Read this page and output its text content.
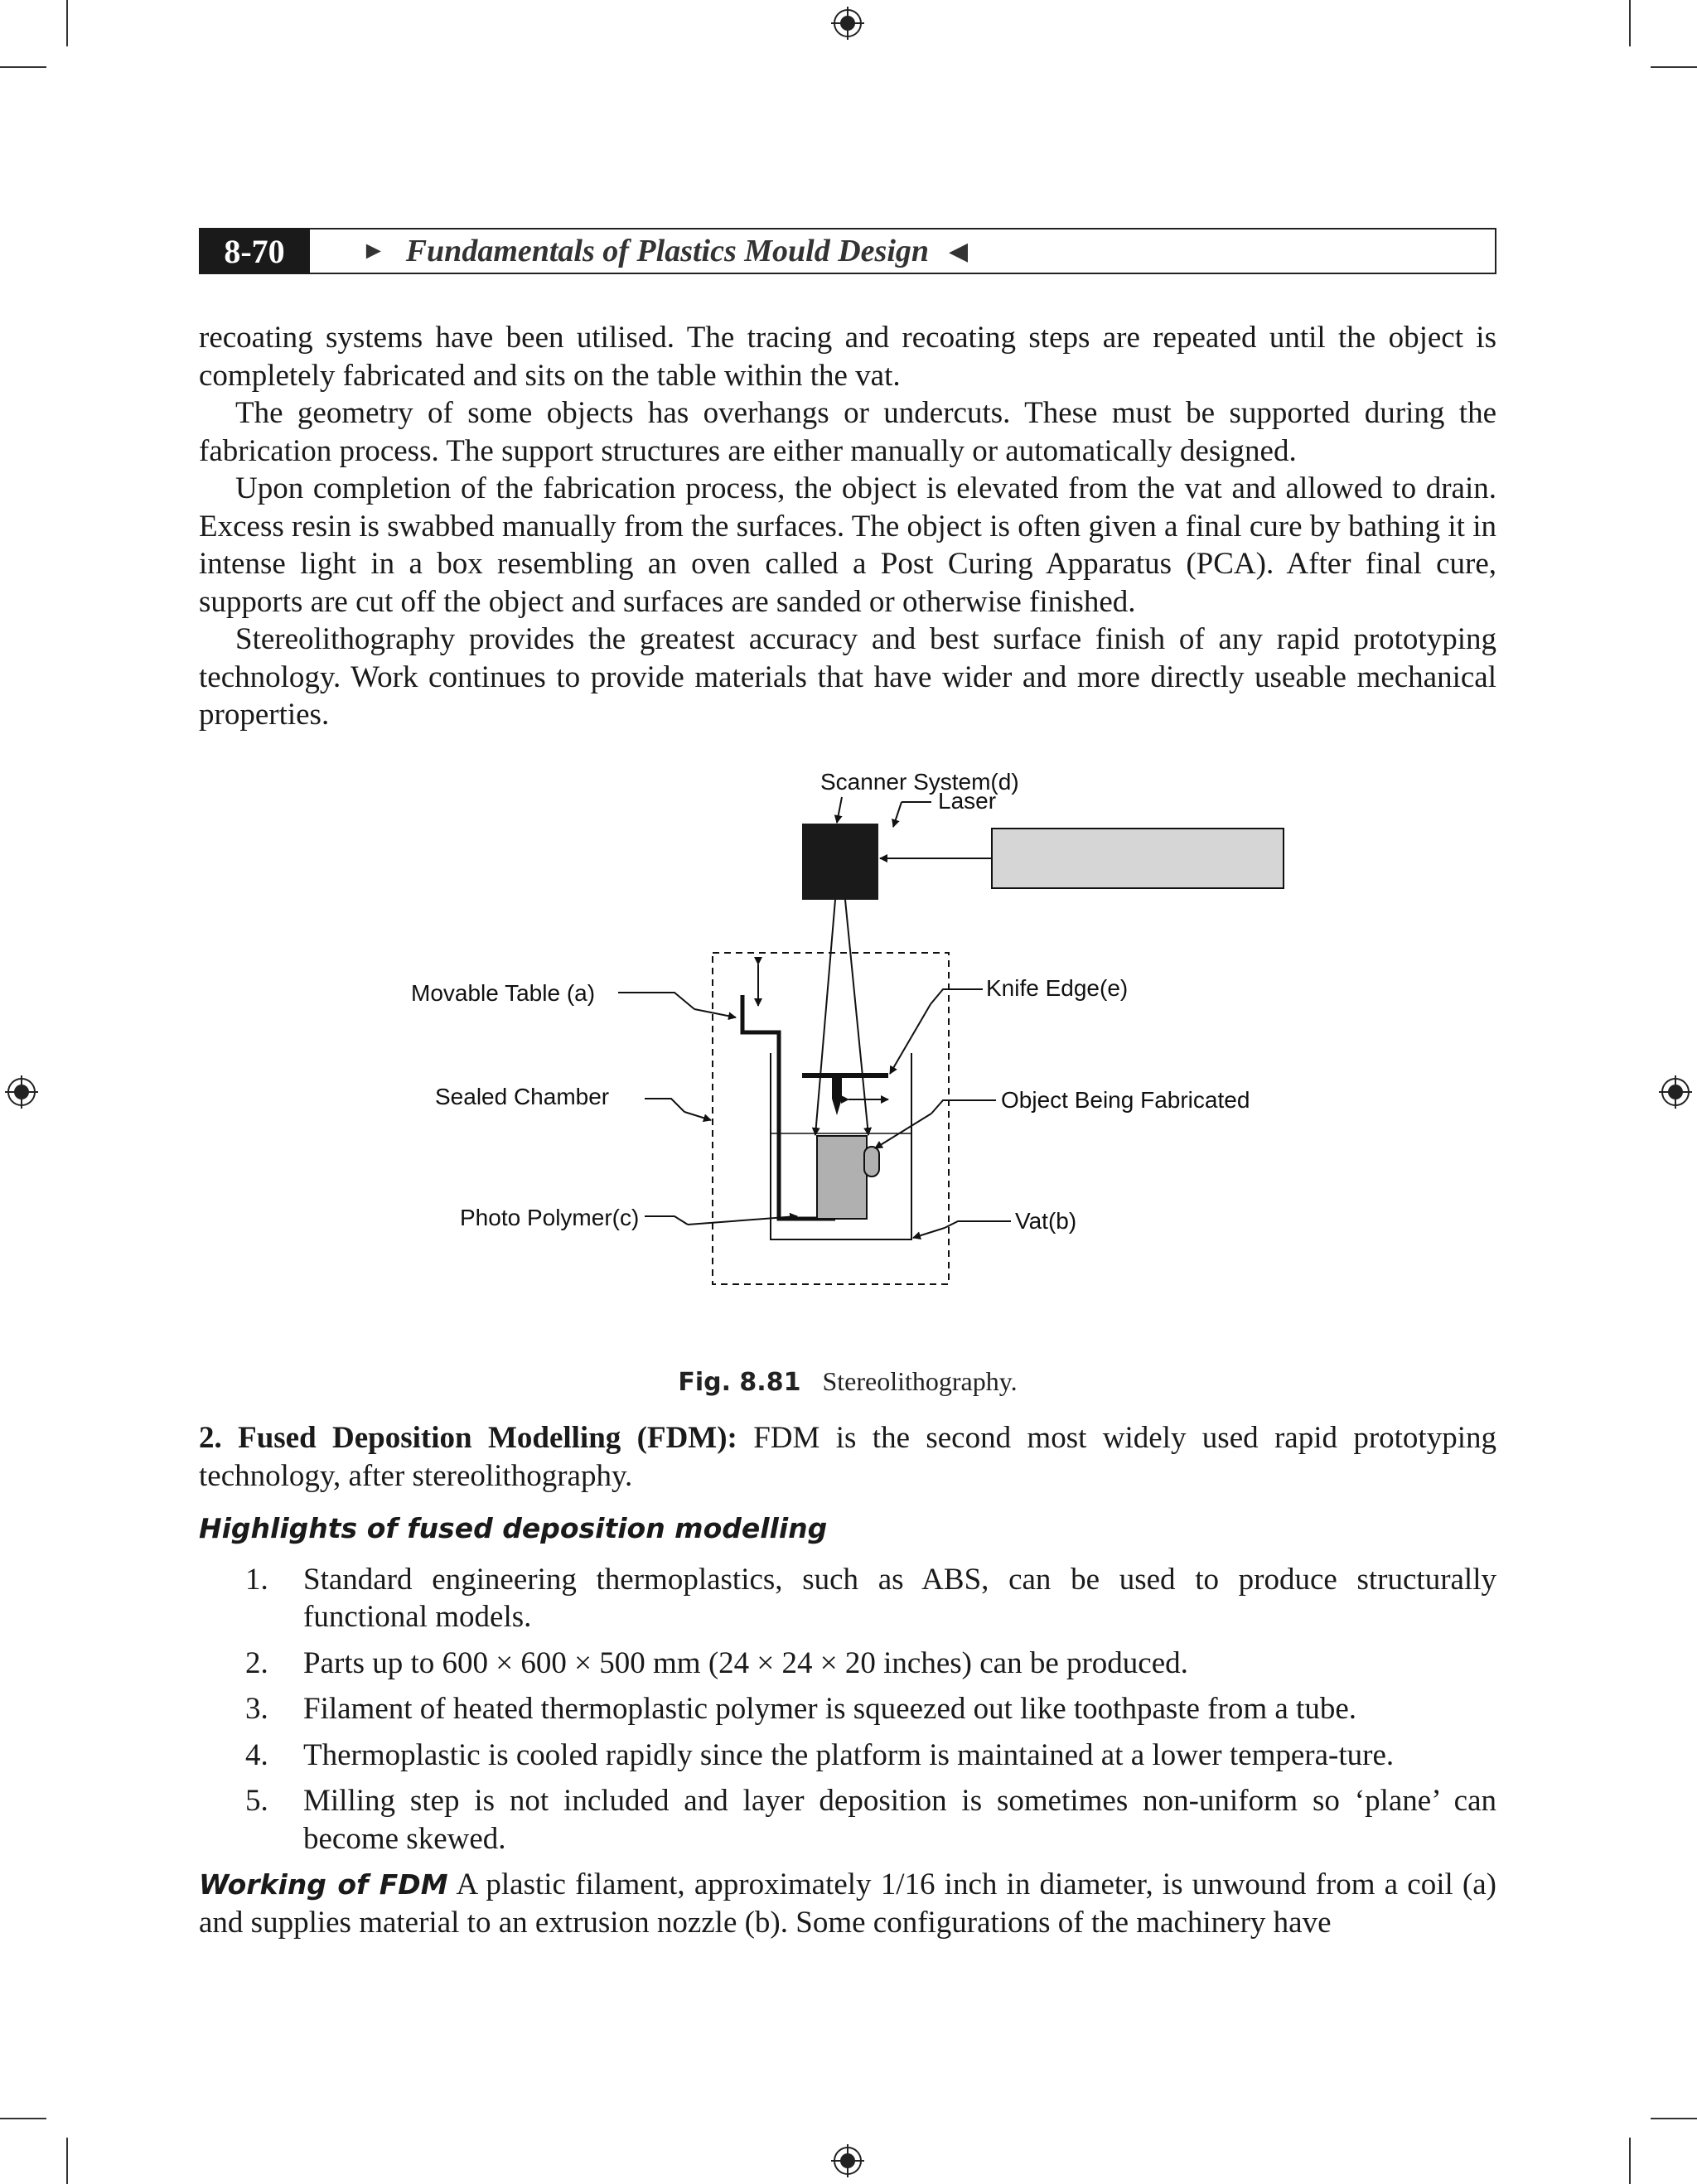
8-70	► Fundamentals of Plastics Mould Design ◀

recoating systems have been utilised. The tracing and recoating steps are repeated until the object is completely fabricated and sits on the table within the vat.

The geometry of some objects has overhangs or undercuts. These must be supported during the fabrication process. The support structures are either manually or automatically designed.

Upon completion of the fabrication process, the object is elevated from the vat and allowed to drain. Excess resin is swabbed manually from the surfaces. The object is often given a final cure by bathing it in intense light in a box resembling an oven called a Post Curing Apparatus (PCA). After final cure, supports are cut off the object and surfaces are sanded or otherwise finished.

Stereolithography provides the greatest accuracy and best surface finish of any rapid prototyping technology. Work continues to provide materials that have wider and more directly useable mechanical properties.

Scanner System(d)
Laser
Movable Table (a)	Knife Edge(e)
Sealed Chamber	Object Being Fabricated
Photo Polymer(c)	Vat(b)
Fig. 8.81 Stereolithography.

2. Fused Deposition Modelling (FDM): FDM is the second most widely used rapid prototyping technology, after stereolithography.

Highlights of fused deposition modelling
1. Standard engineering thermoplastics, such as ABS, can be used to produce structurally functional models.
2. Parts up to 600 × 600 × 500 mm (24 × 24 × 20 inches) can be produced.
3. Filament of heated thermoplastic polymer is squeezed out like toothpaste from a tube.
4. Thermoplastic is cooled rapidly since the platform is maintained at a lower tempera-ture.
5. Milling step is not included and layer deposition is sometimes non-uniform so ‘plane’ can become skewed.

Working of FDM A plastic filament, approximately 1/16 inch in diameter, is unwound from a coil (a) and supplies material to an extrusion nozzle (b). Some configurations of the machinery have
